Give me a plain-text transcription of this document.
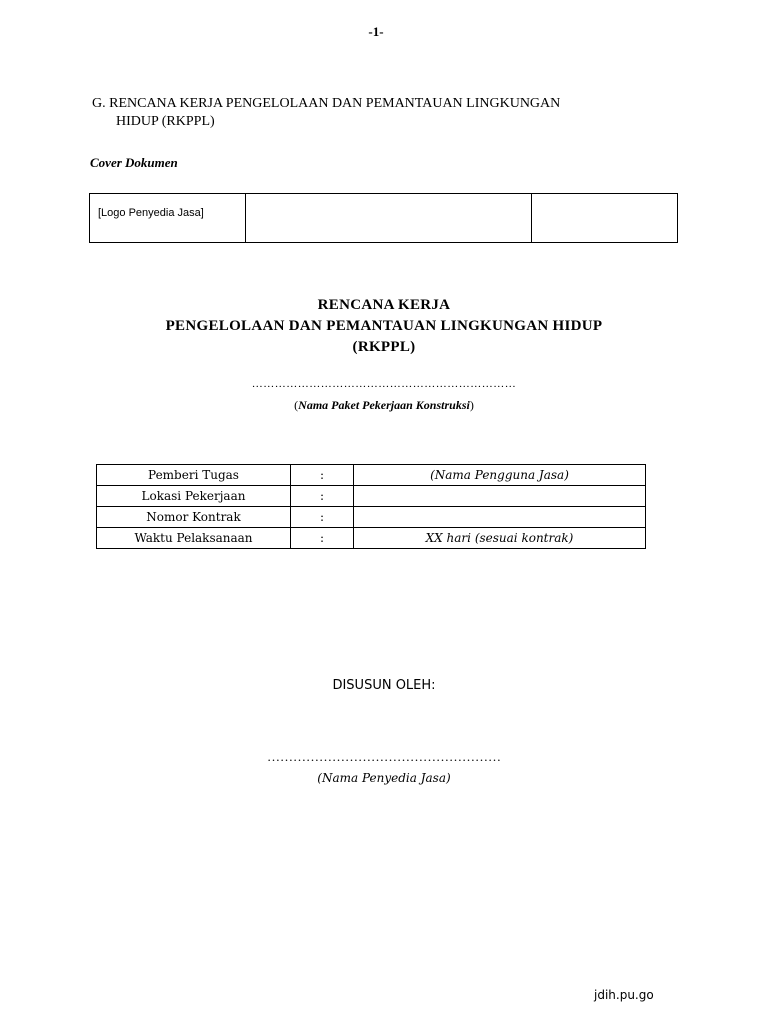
-1-
G. RENCANA KERJA PENGELOLAAN DAN PEMANTAUAN LINGKUNGAN
HIDUP (RKPPL)
Cover Dokumen
[Logo Penyedia Jasa]
RENCANA KERJA
PENGELOLAAN DAN PEMANTAUAN LINGKUNGAN HIDUP
(RKPPL)
……………………………………………………………
(Nama Paket Pekerjaan Konstruksi)
Pemberi Tugas	:	(Nama Pengguna Jasa)
Lokasi Pekerjaan	:	
Nomor Kontrak	:	
Waktu Pelaksanaan	:	XX hari (sesuai kontrak)
DISUSUN OLEH:
………………………………………………
(Nama Penyedia Jasa)
jdih.pu.go
